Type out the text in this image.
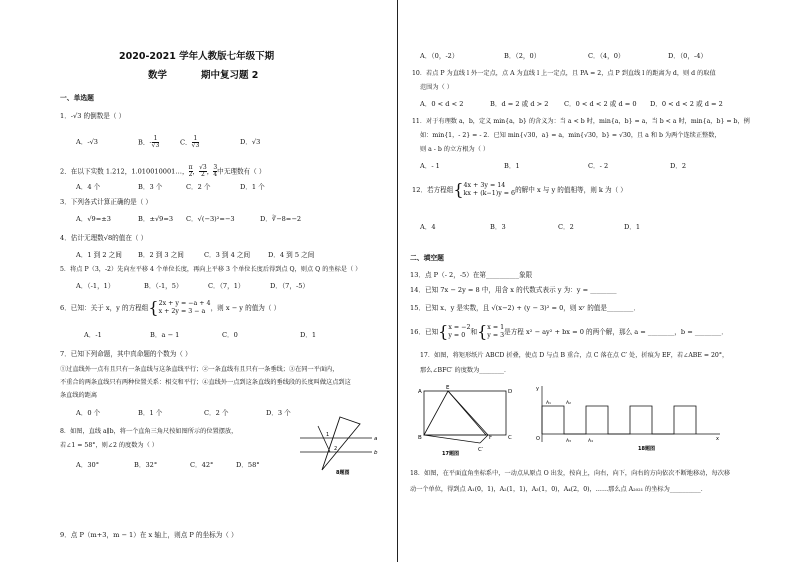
2020-2021 学年人教版七年级下期
数学	期中复习题 2
一、单选题
1．-√3 的倒数是（ ）
A．-√3	B．- $\frac{1}{√3}$	C． $\frac{1}{√3}$	D．√3
2．在以下实数 1.212，1.010010001…， $\frac{\pi}{2}$ ， $\frac{√3}{2}$ ， $\frac{3}{4}$ 中无理数有（ ）
A．4 个	B．3 个	C．2 个	D．1 个
3．下列各式计算正确的是（ ）
A．√9=±3	B．±√9=3 C．√(−3)²=−3	D．∛−8=−2
4．估计无理数√8的值在（ ）
A．1 到 2 之间 B．2 到 3 之间	C．3 到 4 之间	D．4 到 5 之间
5．将点 P（3，-2）先向左平移 4 个单位长度，再向上平移 3 个单位长度后得到点 Q，则点 Q 的坐标是（ ）
A．（-1，1）	B．（-1，5）	C．（7，1）	D．（7，-5）
6．已知：关于 x，y 的方程组{ 2x + y = −a + 4
x + 2y = 3 − a ，则 x − y 的值为（ ）
A．-1	B．a − 1	C．0	D．1
7．已知下列命题，其中真命题的个数为（ ）
①过直线外一点有且只有一条直线与这条直线平行；②一条直线有且只有一条垂线；③在同一平面内，
不重合的两条直线只有两种位置关系：相交和平行；④直线外一点到这条直线的垂线段的长度叫做这点到这
条直线的距离
A．0 个	B．1 个	C．2 个	D．3 个
8．如图，直线 a∥b，将一个直角三角尺按如图所示的位置摆放，
若∠1 = 58°，则∠2 的度数为（ ）
A．30°	B．32°	C．42°	D．58°
a
b
1
2
8题图
9．点 P（m+3，m − 1）在 x 轴上，则点 P 的坐标为（ ）
A．（0，-2）	B．（2，0）	C．（4，0）	D．（0，-4）
10．若点 P 为直线 l 外一定点，点 A 为直线 l 上一定点，且 PA = 2，点 P 到直线 l 的距离为 d，则 d 的取值
范围为（ ）
A．0 < d < 2	B．d = 2 或 d > 2 C．0 < d < 2 或 d = 0 D．0 < d < 2 或 d = 2
11．对于有理数 a，b，定义 min{a，b} 的含义为：当 a < b 时，min{a，b} = a，当 b < a 时，min{a，b} = b，例
如：min{1，- 2} = - 2．已知 min{√30，a} = a，min{√30，b} = √30，且 a 和 b 为两个连续正整数，
则 a - b 的立方根为（ ）
A．- 1	B．1	C．- 2	D．2
12．若方程组{ 4x + 3y = 14
kx + (k−1)y = 6 的解中 x 与 y 的值相等，则 k 为（ ）
A．4	B．3	C．2	D．1
二、填空题
13．点 P（- 2，-5）在第__________象限
14．已知 7x − 2y = 8 中，用含 x 的代数式表示 y 为：y = ________
15．已知 x、y 是实数，且 √(x−2) + (y − 3)² = 0，则 xʸ 的值是________．
16．已知{ x = −2
y = 0 和{ x = 1
y = 3 是方程 x² − ay² + bx = 0 的两个解，那么 a = ________，b = ________．
17．如图，将矩形纸片 ABCD 折叠，使点 D 与点 B 重合，点 C 落在点 C′ 处，折痕为 EF，若∠ABE = 20°，
那么∠BFC′ 的度数为________．
A
E
D
B	F	C
C′
17题图
O
y
x
A₁	A₂
A₃	A₄
18题图
18．如图，在平面直角坐标系中，一动点从原点 O 出发，按向上，向右，向下，向右的方向依次不断地移动，每次移
动一个单位，得到点 A₁(0，1)，A₂(1，1)，A₃(1，0)，A₄(2，0)，……那么点 A₂₀₂₁ 的坐标为__________．
